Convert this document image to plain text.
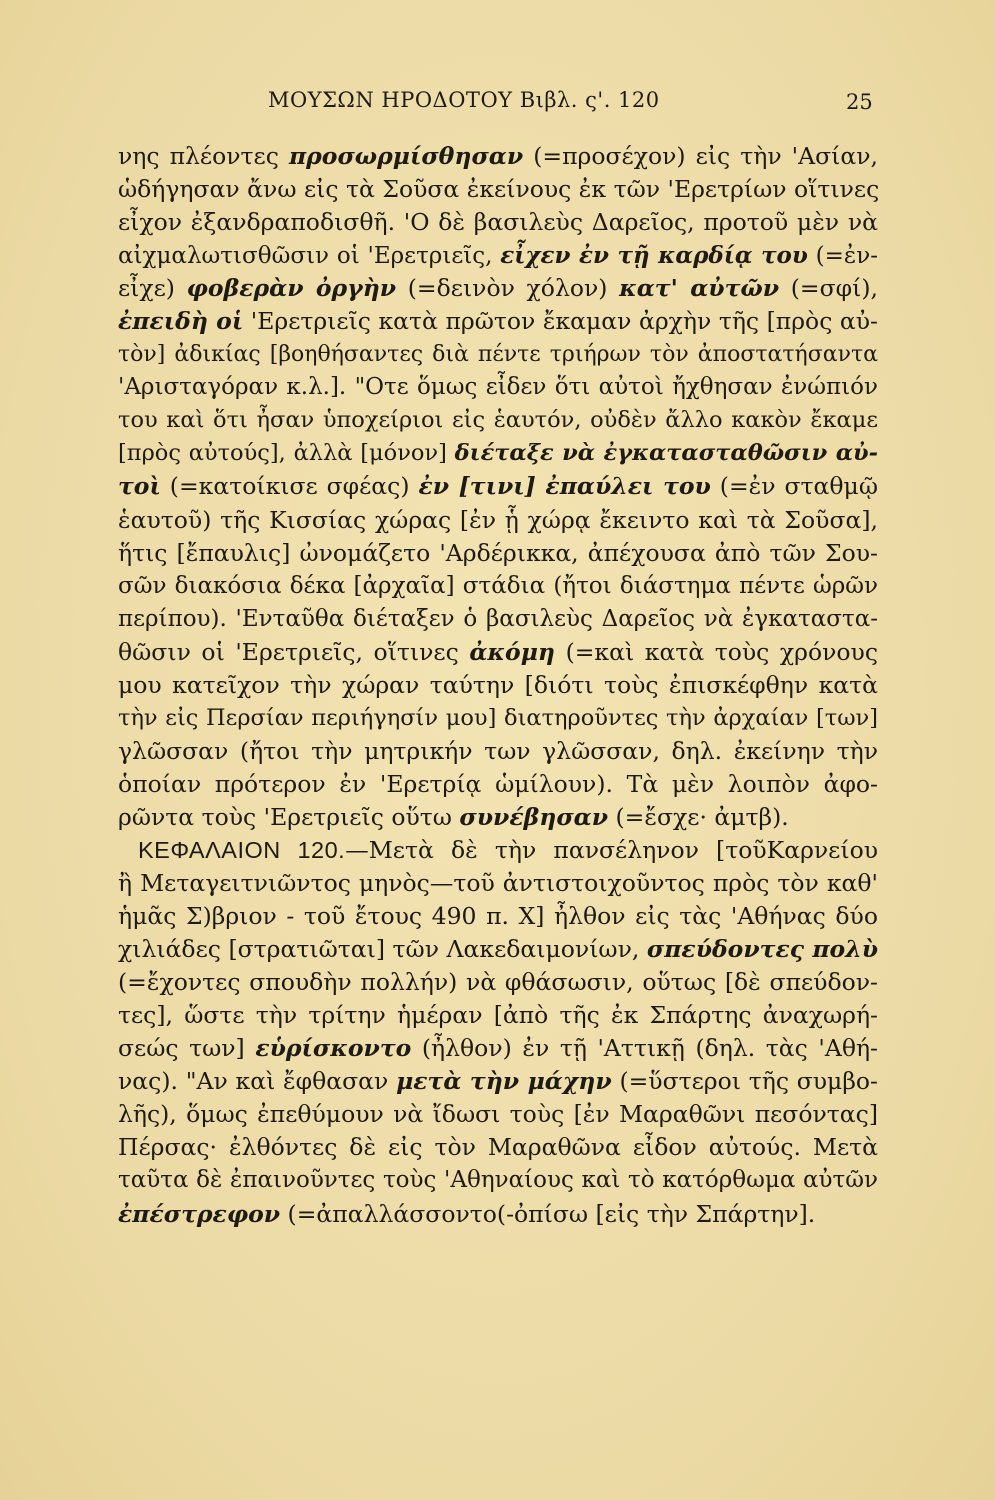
ΜΟΥΣΩΝ ΗΡΟΔΟΤΟΥ Βιβλ. ς'. 120	25
νης πλέοντες προσωρμίσθησαν (=προσέχον) εἰς τὴν 'Ασίαν,
ὡδήγησαν ἄνω εἰς τὰ Σοῦσα ἐκείνους ἐκ τῶν 'Ερετρίων οἵτινες
εἶχον ἐξανδραποδισθῆ. 'Ο δὲ βασιλεὺς Δαρεῖος, προτοῦ μὲν νὰ
αἰχμαλωτισθῶσιν οἱ 'Ερετριεῖς, εἶχεν ἐν τῇ καρδίᾳ του (=ἐν-
εἶχε) φοβερὰν ὀργὴν (=δεινὸν χόλον) κατ' αὐτῶν (=σφί),
ἐπειδὴ οἱ 'Ερετριεῖς κατὰ πρῶτον ἔκαμαν ἀρχὴν τῆς [πρὸς αὐ-
τὸν] ἀδικίας [βοηθήσαντες διὰ πέντε τριήρων τὸν ἀποστατήσαντα
'Αρισταγόραν κ.λ.]. "Οτε ὅμως εἶδεν ὅτι αὐτοὶ ἤχθησαν ἐνώπιόν
του καὶ ὅτι ἦσαν ὑποχείριοι εἰς ἑαυτόν, οὐδὲν ἄλλο κακὸν ἔκαμε
[πρὸς αὐτούς], ἀλλὰ [μόνον] διέταξε νὰ ἐγκατασταθῶσιν αὐ-
τοὶ (=κατοίκισε σφέας) ἐν [τινι] ἐπαύλει του (=ἐν σταθμῷ
ἑαυτοῦ) τῆς Κισσίας χώρας [ἐν ᾗ χώρᾳ ἔκειντο καὶ τὰ Σοῦσα],
ἥτις [ἔπαυλις] ὠνομάζετο 'Αρδέρικκα, ἀπέχουσα ἀπὸ τῶν Σου-
σῶν διακόσια δέκα [ἀρχαῖα] στάδια (ἤτοι διάστημα πέντε ὡρῶν
περίπου). 'Ενταῦθα διέταξεν ὁ βασιλεὺς Δαρεῖος νὰ ἐγκαταστα-
θῶσιν οἱ 'Ερετριεῖς, οἵτινες ἀκόμη (=καὶ κατὰ τοὺς χρόνους
μου κατεῖχον τὴν χώραν ταύτην [διότι τοὺς ἐπισκέφθην κατὰ
τὴν εἰς Περσίαν περιήγησίν μου] διατηροῦντες τὴν ἀρχαίαν [των]
γλῶσσαν (ἤτοι τὴν μητρικήν των γλῶσσαν, δηλ. ἐκείνην τὴν
ὁποίαν πρότερον ἐν 'Ερετρίᾳ ὡμίλουν). Τὰ μὲν λοιπὸν ἀφο-
ρῶντα τοὺς 'Ερετριεῖς οὕτω συνέβησαν (=ἔσχε· ἀμτβ).
ΚΕΦΑΛΑΙΟΝ 120.—Μετὰ δὲ τὴν πανσέληνον [τοῦΚαρνείου
ἢ Μεταγειτνιῶντος μηνὸς—τοῦ ἀντιστοιχοῦντος πρὸς τὸν καθ'
ἡμᾶς Σ)βριον - τοῦ ἔτους 490 π. Χ] ἦλθον εἰς τὰς 'Αθήνας δύο
χιλιάδες [στρατιῶται] τῶν Λακεδαιμονίων, σπεύδοντες πολὺ
(=ἔχοντες σπουδὴν πολλήν) νὰ φθάσωσιν, οὕτως [δὲ σπεύδον-
τες], ὥστε τὴν τρίτην ἡμέραν [ἀπὸ τῆς ἐκ Σπάρτης ἀναχωρή-
σεώς των] εὑρίσκοντο (ἦλθον) ἐν τῇ 'Αττικῇ (δηλ. τὰς 'Αθή-
νας). "Αν καὶ ἔφθασαν μετὰ τὴν μάχην (=ὕστεροι τῆς συμβο-
λῆς), ὅμως ἐπεθύμουν νὰ ἴδωσι τοὺς [ἐν Μαραθῶνι πεσόντας]
Πέρσας· ἐλθόντες δὲ εἰς τὸν Μαραθῶνα εἶδον αὐτούς. Μετὰ
ταῦτα δὲ ἐπαινοῦντες τοὺς 'Αθηναίους καὶ τὸ κατόρθωμα αὐτῶν
ἐπέστρεφον (=ἀπαλλάσσοντο(-ὀπίσω [εἰς τὴν Σπάρτην].
